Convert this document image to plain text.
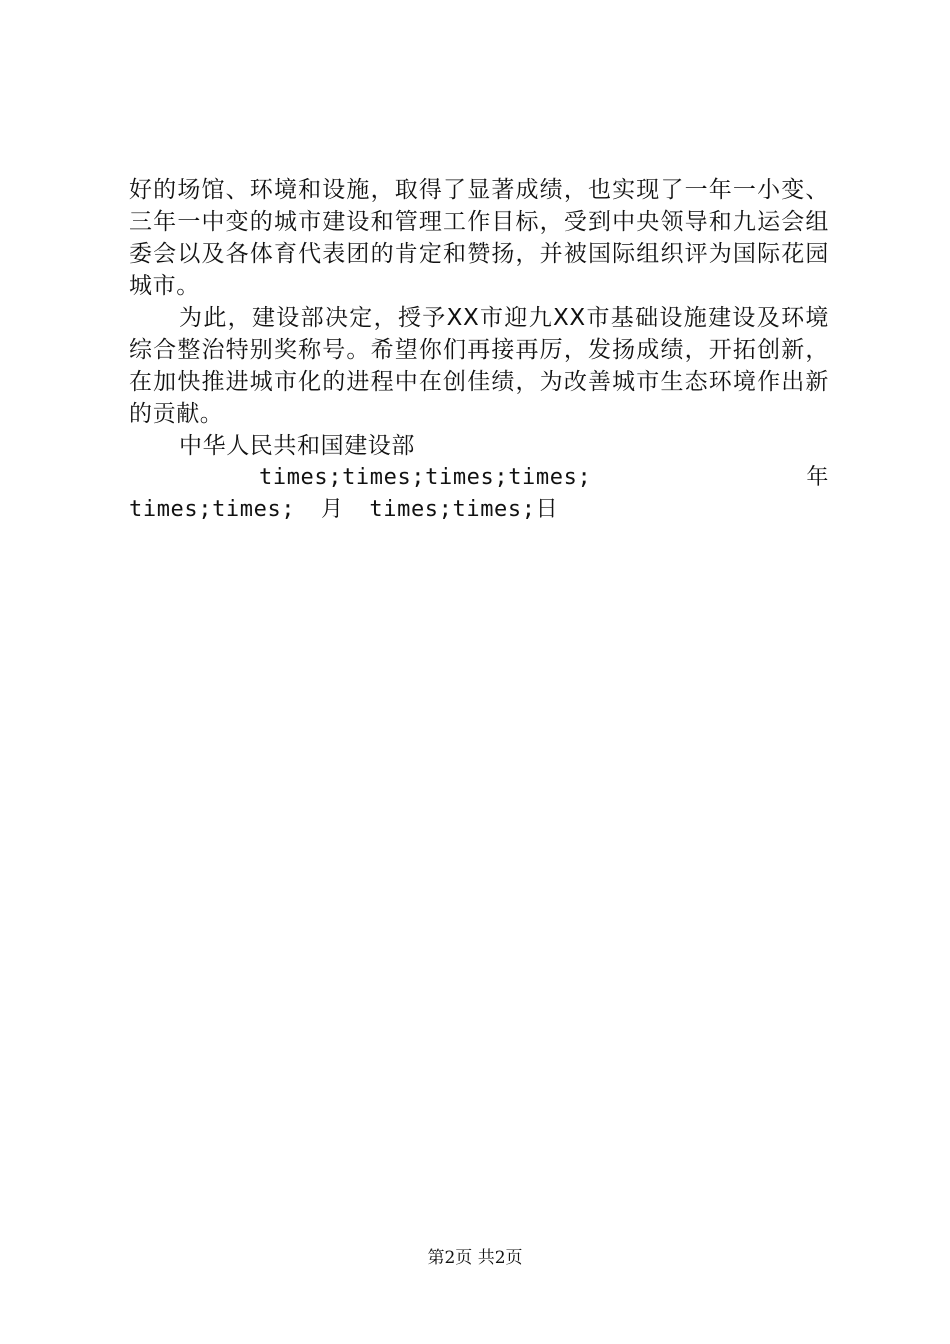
好的场馆、环境和设施，取得了显著成绩，也实现了一年一小变、三年一中变的城市建设和管理工作目标，受到中央领导和九运会组委会以及各体育代表团的肯定和赞扬，并被国际组织评为国际花园城市。

为此，建设部决定，授予XX市迎九XX市基础设施建设及环境综合整治特别奖称号。希望你们再接再厉，发扬成绩，开拓创新，在加快推进城市化的进程中在创佳绩，为改善城市生态环境作出新的贡献。

中华人民共和国建设部

times;times;times;times; 年 times;times; 月 times;times;日

第2页 共2页
